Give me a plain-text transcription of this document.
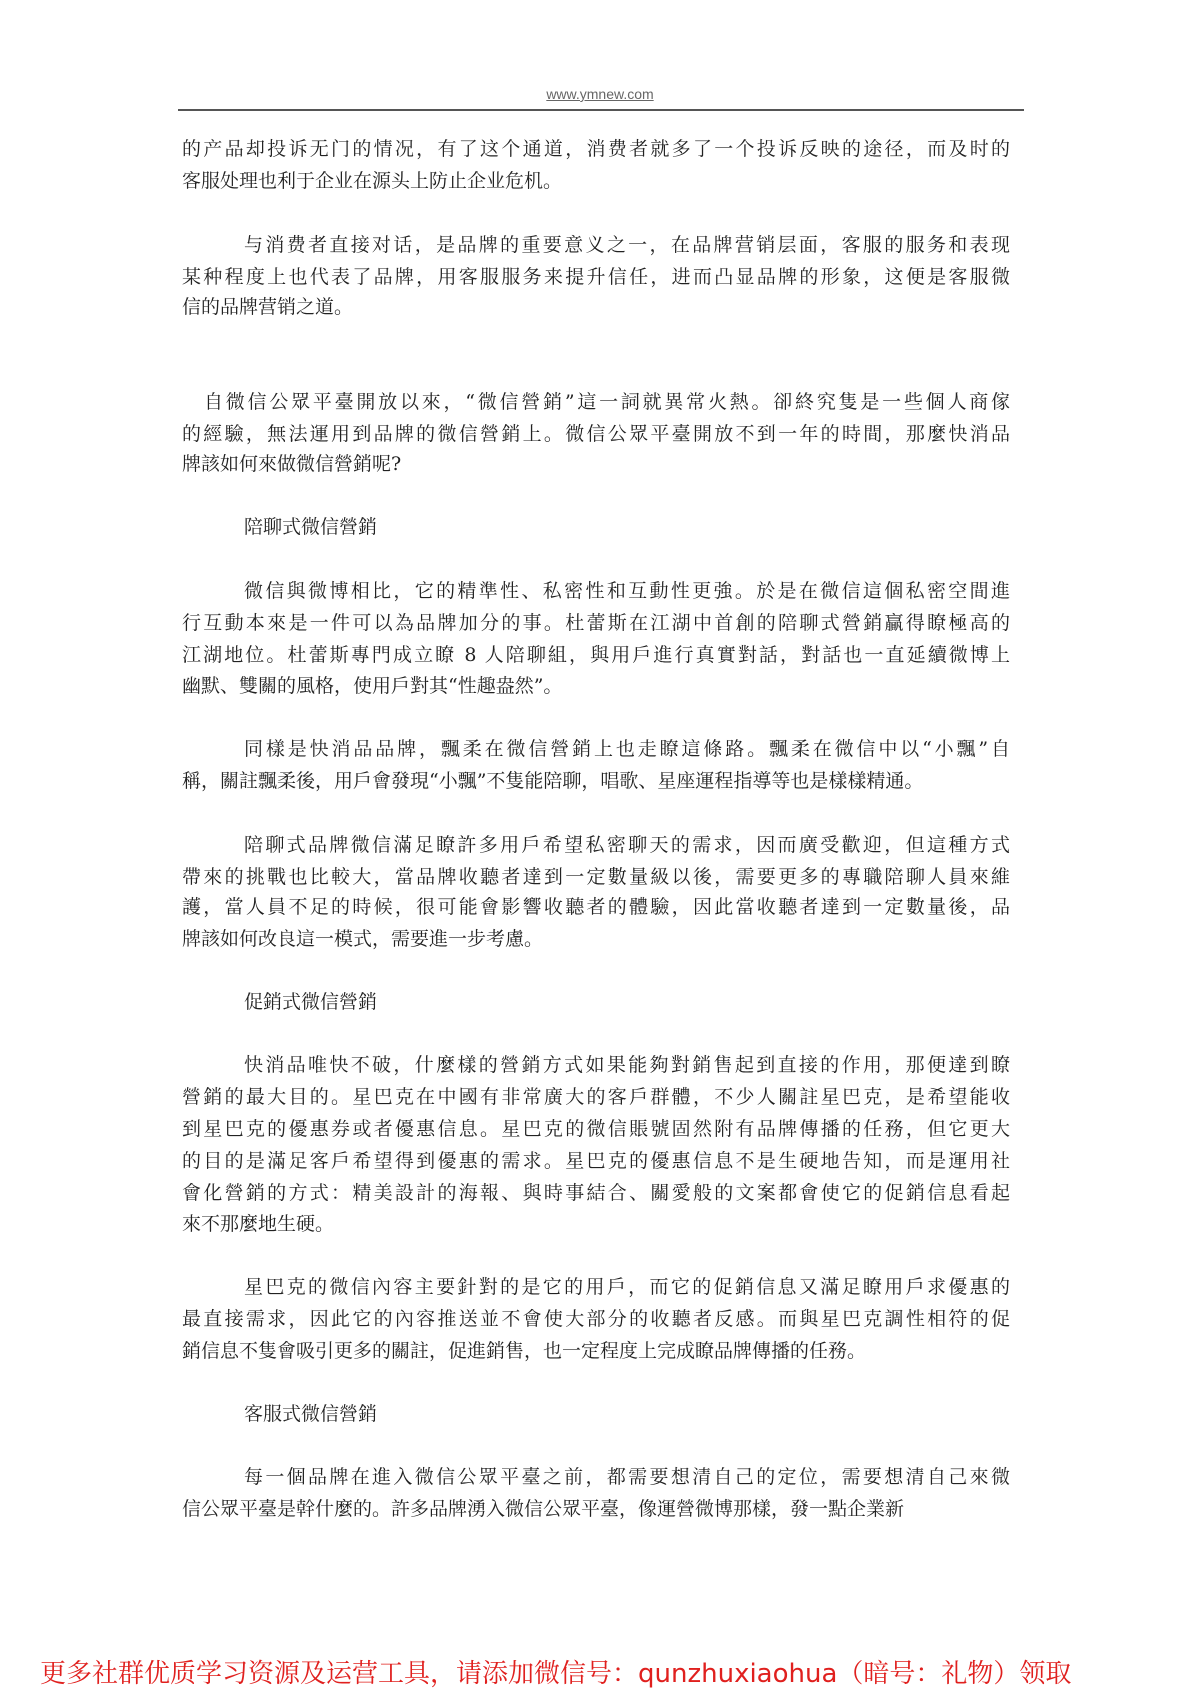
www.ymnew.com
的产品却投诉无门的情况，有了这个通道，消费者就多了一个投诉反映的途径，而及时的
客服处理也利于企业在源头上防止企业危机。
与消费者直接对话，是品牌的重要意义之一，在品牌营销层面，客服的服务和表现
某种程度上也代表了品牌，用客服服务来提升信任，进而凸显品牌的形象，这便是客服微
信的品牌营销之道。
自微信公眾平臺開放以來，“微信營銷”這一詞就異常火熱。卻終究隻是一些個人商傢
的經驗，無法運用到品牌的微信營銷上。微信公眾平臺開放不到一年的時間，那麼快消品
牌該如何來做微信營銷呢?
陪聊式微信營銷
微信與微博相比，它的精準性、私密性和互動性更強。於是在微信這個私密空間進
行互動本來是一件可以為品牌加分的事。杜蕾斯在江湖中首創的陪聊式營銷贏得瞭極高的
江湖地位。杜蕾斯專門成立瞭 8 人陪聊組，與用戶進行真實對話，對話也一直延續微博上
幽默、雙關的風格，使用戶對其“性趣盎然”。
同樣是快消品品牌，飄柔在微信營銷上也走瞭這條路。飄柔在微信中以“小飄”自
稱，關註飄柔後，用戶會發現“小飄”不隻能陪聊，唱歌、星座運程指導等也是樣樣精通。
陪聊式品牌微信滿足瞭許多用戶希望私密聊天的需求，因而廣受歡迎，但這種方式
帶來的挑戰也比較大，當品牌收聽者達到一定數量級以後，需要更多的專職陪聊人員來維
護，當人員不足的時候，很可能會影響收聽者的體驗，因此當收聽者達到一定數量後，品
牌該如何改良這一模式，需要進一步考慮。
促銷式微信營銷
快消品唯快不破，什麼樣的營銷方式如果能夠對銷售起到直接的作用，那便達到瞭
營銷的最大目的。星巴克在中國有非常廣大的客戶群體，不少人關註星巴克，是希望能收
到星巴克的優惠券或者優惠信息。星巴克的微信賬號固然附有品牌傳播的任務，但它更大
的目的是滿足客戶希望得到優惠的需求。星巴克的優惠信息不是生硬地告知，而是運用社
會化營銷的方式：精美設計的海報、與時事結合、關愛般的文案都會使它的促銷信息看起
來不那麼地生硬。
星巴克的微信內容主要針對的是它的用戶，而它的促銷信息又滿足瞭用戶求優惠的
最直接需求，因此它的內容推送並不會使大部分的收聽者反感。而與星巴克調性相符的促
銷信息不隻會吸引更多的關註，促進銷售，也一定程度上完成瞭品牌傳播的任務。
客服式微信營銷
每一個品牌在進入微信公眾平臺之前，都需要想清自己的定位，需要想清自己來微
信公眾平臺是幹什麼的。許多品牌湧入微信公眾平臺，像運營微博那樣，發一點企業新
更多社群优质学习资源及运营工具，请添加微信号：qunzhuxiaohua（暗号：礼物）领取
